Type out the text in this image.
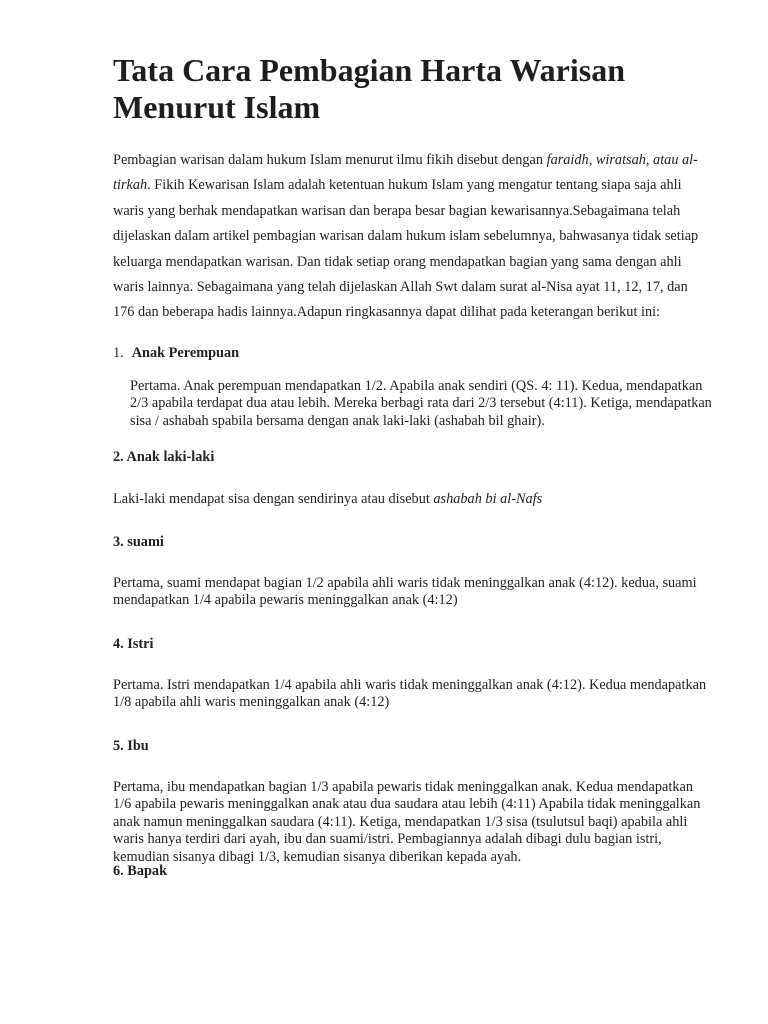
Tata Cara Pembagian Harta Warisan Menurut Islam

Pembagian warisan dalam hukum Islam menurut ilmu fikih disebut dengan faraidh, wiratsah, atau al-tirkah. Fikih Kewarisan Islam adalah ketentuan hukum Islam yang mengatur tentang siapa saja ahli waris yang berhak mendapatkan warisan dan berapa besar bagian kewarisannya.Sebagaimana telah dijelaskan dalam artikel pembagian warisan dalam hukum islam sebelumnya, bahwasanya tidak setiap keluarga mendapatkan warisan. Dan tidak setiap orang mendapatkan bagian yang sama dengan ahli waris lainnya. Sebagaimana yang telah dijelaskan Allah Swt dalam surat al-Nisa ayat 11, 12, 17, dan 176 dan beberapa hadis lainnya.Adapun ringkasannya dapat dilihat pada keterangan berikut ini:

1. Anak Perempuan

Pertama. Anak perempuan mendapatkan 1/2. Apabila anak sendiri (QS. 4: 11). Kedua, mendapatkan 2/3 apabila terdapat dua atau lebih. Mereka berbagi rata dari 2/3 tersebut (4:11). Ketiga, mendapatkan sisa / ashabah spabila bersama dengan anak laki-laki (ashabah bil ghair).

2. Anak laki-laki

Laki-laki mendapat sisa dengan sendirinya atau disebut ashabah bi al-Nafs

3. suami

Pertama, suami mendapat bagian 1/2 apabila ahli waris tidak meninggalkan anak (4:12). kedua, suami mendapatkan 1/4 apabila pewaris meninggalkan anak (4:12)

4. Istri

Pertama. Istri mendapatkan 1/4 apabila ahli waris tidak meninggalkan anak (4:12). Kedua mendapatkan 1/8 apabila ahli waris meninggalkan anak (4:12)

5. Ibu

Pertama, ibu mendapatkan bagian 1/3 apabila pewaris tidak meninggalkan anak. Kedua mendapatkan 1/6 apabila pewaris meninggalkan anak atau dua saudara atau lebih (4:11) Apabila tidak meninggalkan anak namun meninggalkan saudara (4:11). Ketiga, mendapatkan 1/3 sisa (tsulutsul baqi) apabila ahli waris hanya terdiri dari ayah, ibu dan suami/istri. Pembagiannya adalah dibagi dulu bagian istri, kemudian sisanya dibagi 1/3, kemudian sisanya diberikan kepada ayah.

6. Bapak
